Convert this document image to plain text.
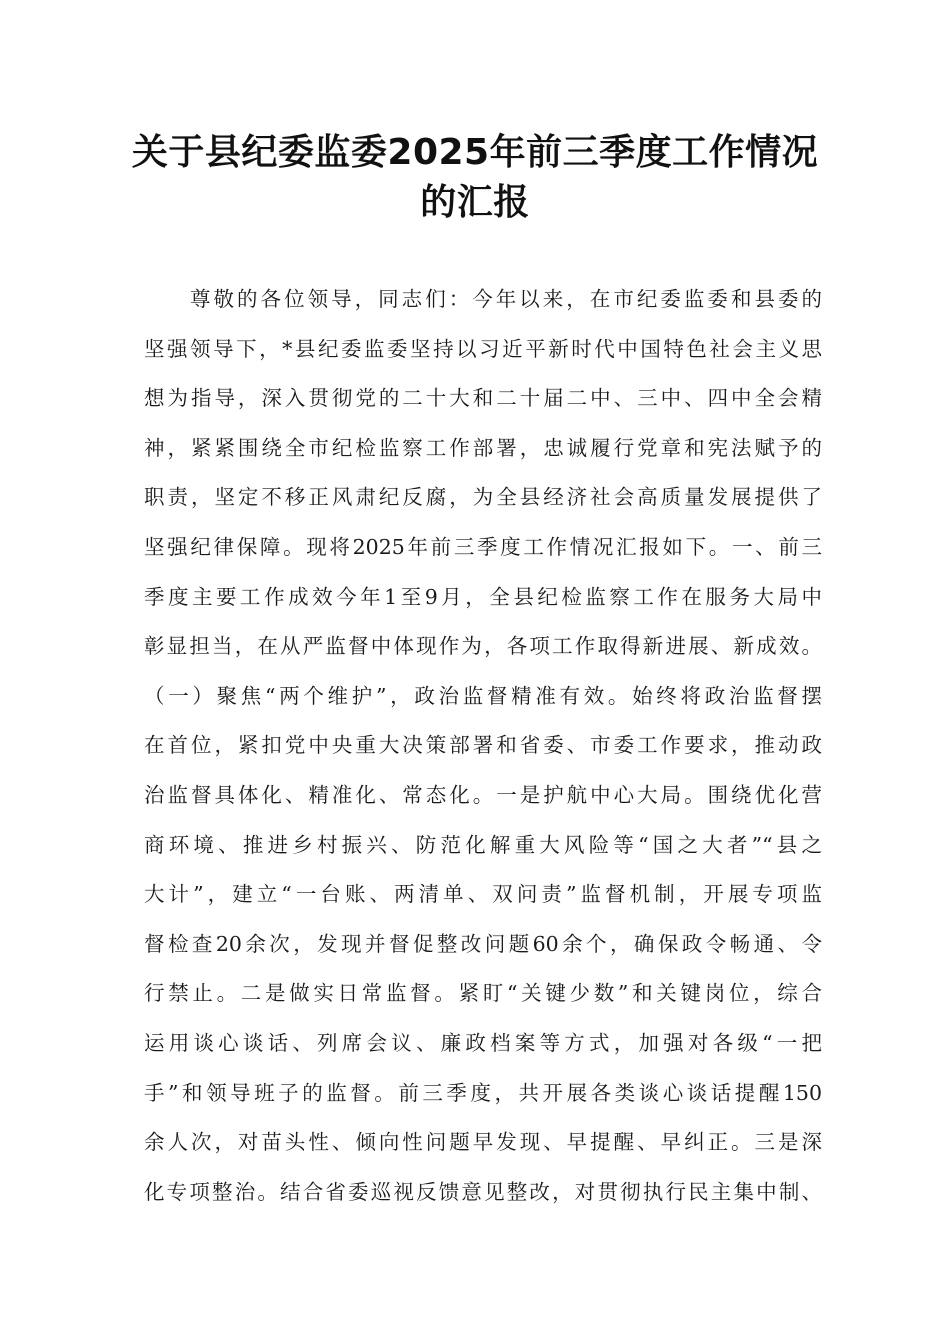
关于县纪委监委2025年前三季度工作情况
的汇报
尊敬的各位领导，同志们：今年以来，在市纪委监委和县委的
坚强领导下，*县纪委监委坚持以习近平新时代中国特色社会主义思
想为指导，深入贯彻党的二十大和二十届二中、三中、四中全会精
神，紧紧围绕全市纪检监察工作部署，忠诚履行党章和宪法赋予的
职责，坚定不移正风肃纪反腐，为全县经济社会高质量发展提供了
坚强纪律保障。现将2025年前三季度工作情况汇报如下。一、前三
季度主要工作成效今年1至9月，全县纪检监察工作在服务大局中
彰显担当，在从严监督中体现作为，各项工作取得新进展、新成效。
（一）聚焦“两个维护”，政治监督精准有效。始终将政治监督摆
在首位，紧扣党中央重大决策部署和省委、市委工作要求，推动政
治监督具体化、精准化、常态化。一是护航中心大局。围绕优化营
商环境、推进乡村振兴、防范化解重大风险等“国之大者”“县之
大计”，建立“一台账、两清单、双问责”监督机制，开展专项监
督检查20余次，发现并督促整改问题60余个，确保政令畅通、令
行禁止。二是做实日常监督。紧盯“关键少数”和关键岗位，综合
运用谈心谈话、列席会议、廉政档案等方式，加强对各级“一把
手”和领导班子的监督。前三季度，共开展各类谈心谈话提醒150
余人次，对苗头性、倾向性问题早发现、早提醒、早纠正。三是深
化专项整治。结合省委巡视反馈意见整改，对贯彻执行民主集中制、
